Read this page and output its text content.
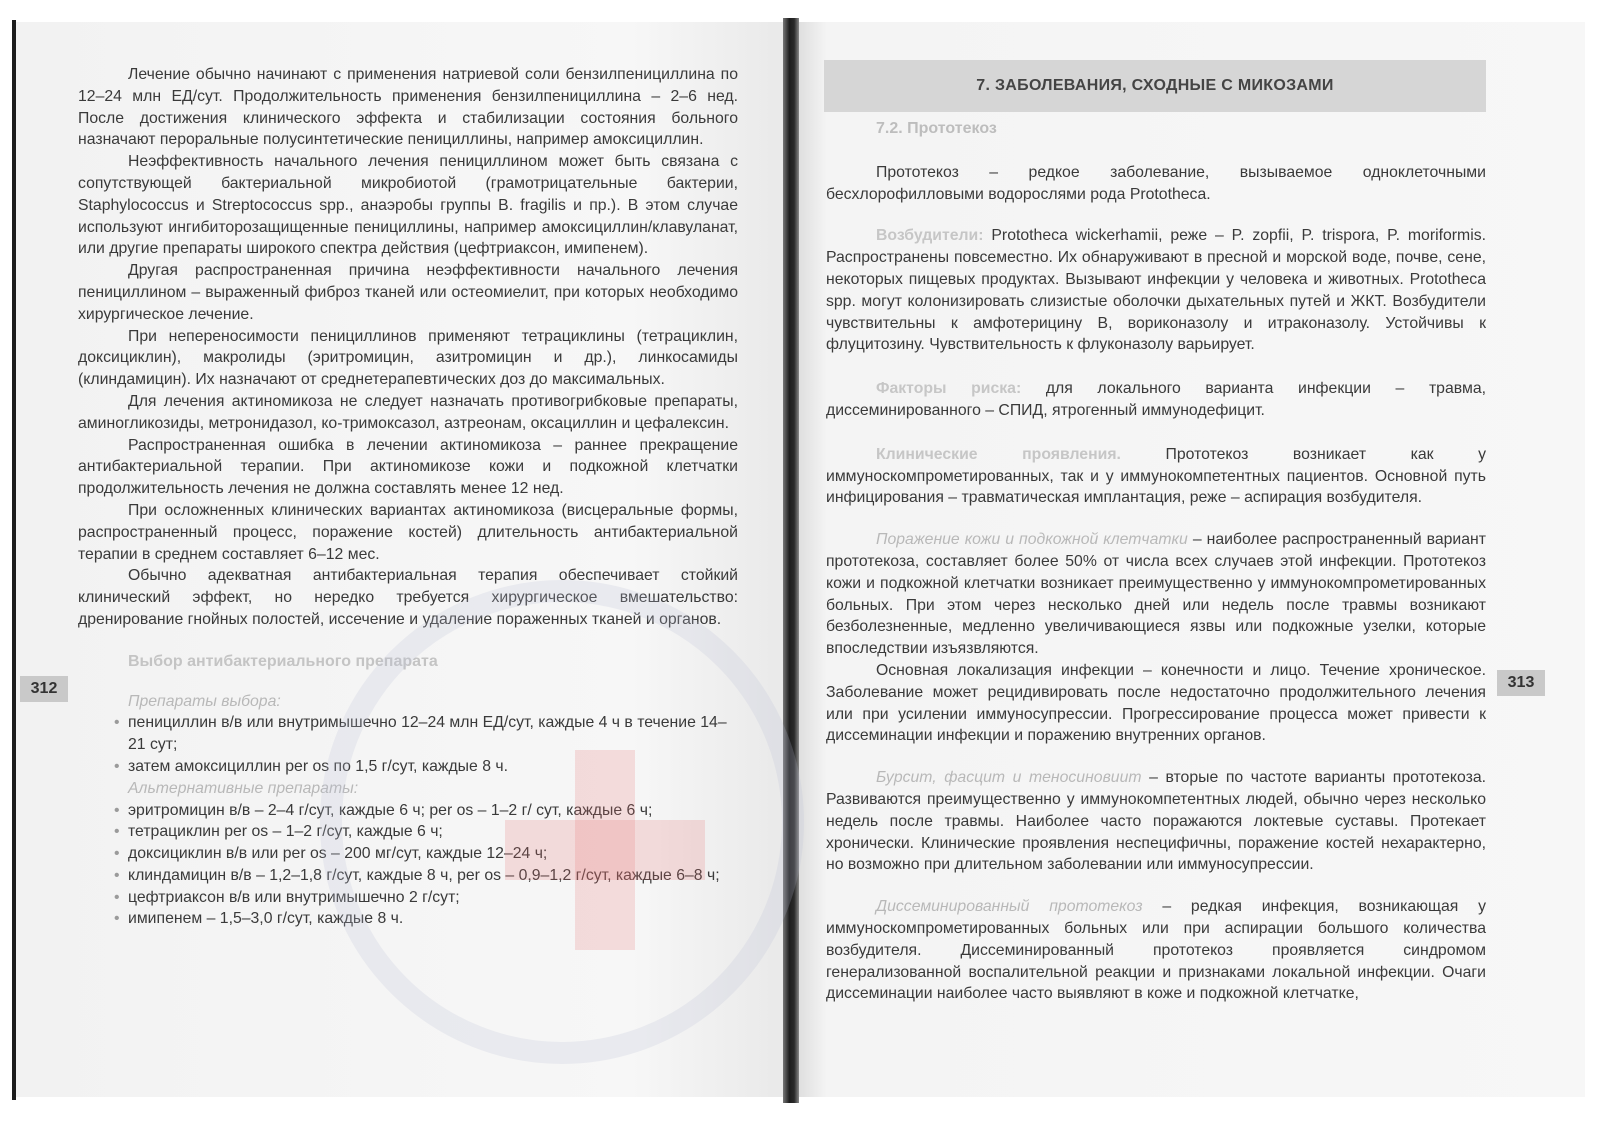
Лечение обычно начинают с применения натриевой соли бензилпенициллина по 12–24 млн ЕД/сут. Продолжительность применения бензилпенициллина – 2–6 нед. После достижения клинического эффекта и стабилизации состояния больного назначают пероральные полусинтетические пенициллины, например амоксициллин.

Неэффективность начального лечения пенициллином может быть связана с сопутствующей бактериальной микробиотой (грамотрицательные бактерии, Staphylococcus и Streptococcus spp., анаэробы группы B. fragilis и пр.). В этом случае используют ингибиторозащищенные пенициллины, например амоксициллин/клавуланат, или другие препараты широкого спектра действия (цефтриаксон, имипенем).

Другая распространенная причина неэффективности начального лечения пенициллином – выраженный фиброз тканей или остеомиелит, при которых необходимо хирургическое лечение.

При непереносимости пенициллинов применяют тетрациклины (тетрациклин, доксициклин), макролиды (эритромицин, азитромицин и др.), линкосамиды (клиндамицин). Их назначают от среднетерапевтических доз до максимальных.

Для лечения актиномикоза не следует назначать противогрибковые препараты, аминогликозиды, метронидазол, ко-тримоксазол, азтреонам, оксациллин и цефалексин.

Распространенная ошибка в лечении актиномикоза – раннее прекращение антибактериальной терапии. При актиномикозе кожи и подкожной клетчатки продолжительность лечения не должна составлять менее 12 нед.

При осложненных клинических вариантах актиномикоза (висцеральные формы, распространенный процесс, поражение костей) длительность антибактериальной терапии в среднем составляет 6–12 мес.

Обычно адекватная антибактериальная терапия обеспечивает стойкий клинический эффект, но нередко требуется хирургическое вмешательство: дренирование гнойных полостей, иссечение и удаление пораженных тканей и органов.

Выбор антибактериального препарата

Препараты выбора:

• пенициллин в/в или внутримышечно 12–24 млн ЕД/сут, каждые 4 ч в течение 14–21 сут;
• затем амоксициллин per os по 1,5 г/сут, каждые 8 ч.

Альтернативные препараты:

• эритромицин в/в – 2–4 г/сут, каждые 6 ч; per os – 1–2 г/ сут, каждые 6 ч;
• тетрациклин per os – 1–2 г/сут, каждые 6 ч;
• доксициклин в/в или per os – 200 мг/сут, каждые 12–24 ч;
• клиндамицин в/в – 1,2–1,8 г/сут, каждые 8 ч, per os – 0,9–1,2 г/сут, каждые 6–8 ч;
• цефтриаксон в/в или внутримышечно 2 г/сут;
• имипенем – 1,5–3,0 г/сут, каждые 8 ч.
312
7. ЗАБОЛЕВАНИЯ, СХОДНЫЕ С МИКОЗАМИ

7.2. Прототекоз

Прототекоз – редкое заболевание, вызываемое одноклеточными бесхлорофилловыми водорослями рода Prototheca.

Возбудители: Prototheca wickerhamii, реже – P. zopfii, P. trispora, P. moriformis. Распространены повсеместно. Их обнаруживают в пресной и морской воде, почве, сене, некоторых пищевых продуктах. Вызывают инфекции у человека и животных. Prototheca spp. могут колонизировать слизистые оболочки дыхательных путей и ЖКТ. Возбудители чувствительны к амфотерицину B, вориконазолу и итраконазолу. Устойчивы к флуцитозину. Чувствительность к флуконазолу варьирует.

Факторы риска: для локального варианта инфекции – травма, диссеминированного – СПИД, ятрогенный иммунодефицит.

Клинические проявления.	Прототекоз возникает как у иммуноскомпрометированных, так и у иммунокомпетентных пациентов. Основной путь инфицирования – травматическая имплантация, реже – аспирация возбудителя.

Поражение кожи и подкожной клетчатки – наиболее распространенный вариант прототекоза, составляет более 50% от числа всех случаев этой инфекции. Прототекоз кожи и подкожной клетчатки возникает преимущественно у иммунокомпрометированных больных. При этом через несколько дней или недель после травмы возникают безболезненные, медленно увеличивающиеся язвы или подкожные узелки, которые впоследствии изъязвляются.

Основная локализация инфекции – конечности и лицо. Течение хроническое. Заболевание может рецидивировать после недостаточно продолжительного лечения или при усилении иммуносупрессии. Прогрессирование процесса может привести к диссеминации инфекции и поражению внутренних органов.

Бурсит, фасцит и теносиновиит – вторые по частоте варианты прототекоза. Развиваются преимущественно у иммунокомпетентных людей, обычно через несколько недель после травмы. Наиболее часто поражаются локтевые суставы. Протекает хронически. Клинические проявления неспецифичны, поражение костей нехарактерно, но возможно при длительном заболевании или иммуносупрессии.

Диссеминированный прототекоз – редкая инфекция, возникающая у иммунoскомпрометированных больных или при аспирации большого количества возбудителя. Диссеминированный прототекоз проявляется синдромом генерализованной воспалительной реакции и признаками локальной инфекции. Очаги диссеминации наиболее часто выявляют в коже и подкожной клетчатке,

313
